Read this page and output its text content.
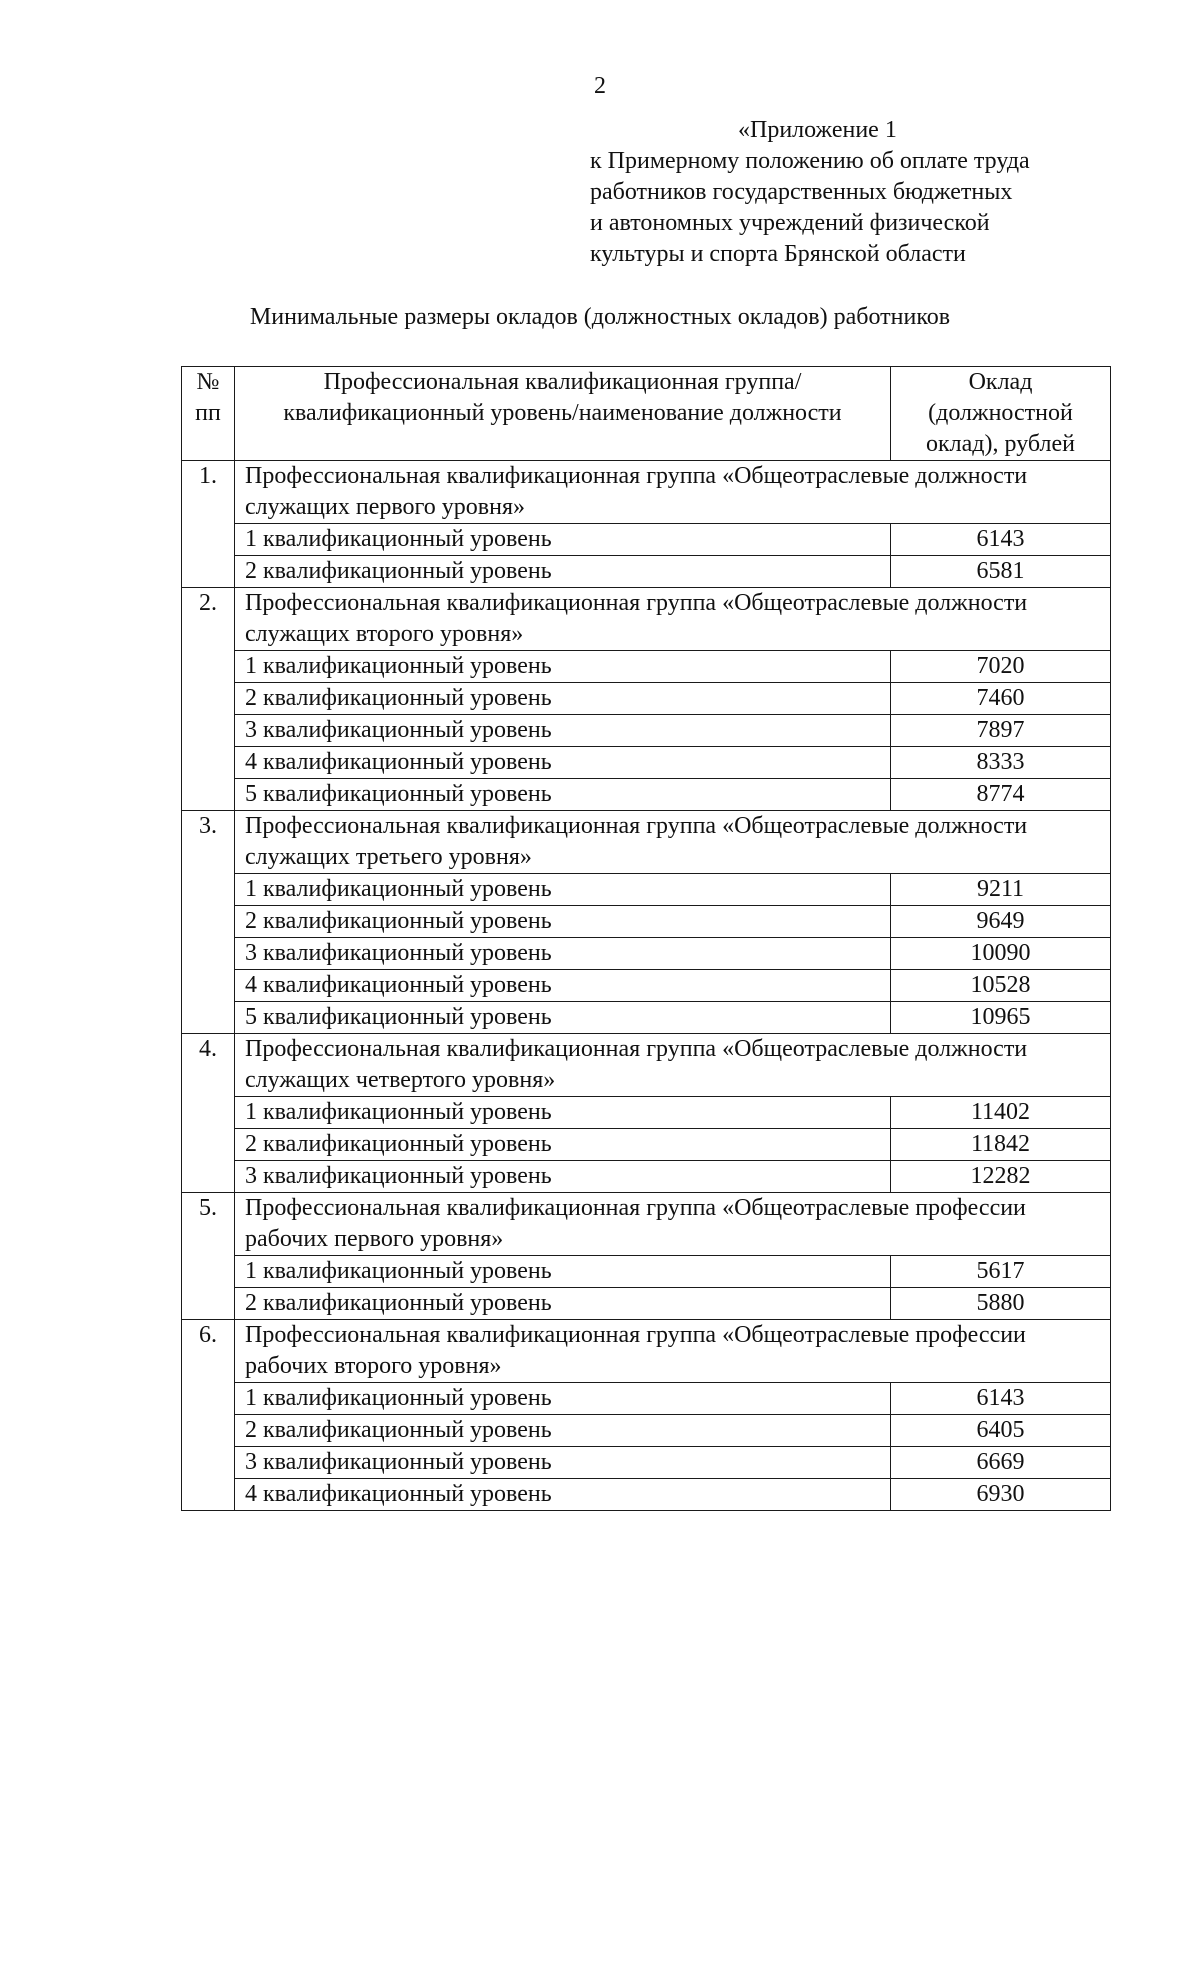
2
«Приложение 1
к Примерному положению об оплате труда
работников государственных бюджетных
и автономных учреждений физической
культуры и спорта Брянской области
Минимальные размеры окладов (должностных окладов) работников
№ пп	Профессиональная квалификационная группа/квалификационный уровень/наименование должности	Оклад (должностной оклад), рублей
1.	Профессиональная квалификационная группа «Общеотраслевые должности служащих первого уровня»	
	1 квалификационный уровень	6143
	2 квалификационный уровень	6581
2.	Профессиональная квалификационная группа «Общеотраслевые должности служащих второго уровня»	
	1 квалификационный уровень	7020
	2 квалификационный уровень	7460
	3 квалификационный уровень	7897
	4 квалификационный уровень	8333
	5 квалификационный уровень	8774
3.	Профессиональная квалификационная группа «Общеотраслевые должности служащих третьего уровня»	
	1 квалификационный уровень	9211
	2 квалификационный уровень	9649
	3 квалификационный уровень	10090
	4 квалификационный уровень	10528
	5 квалификационный уровень	10965
4.	Профессиональная квалификационная группа «Общеотраслевые должности служащих четвертого уровня»	
	1 квалификационный уровень	11402
	2 квалификационный уровень	11842
	3 квалификационный уровень	12282
5.	Профессиональная квалификационная группа «Общеотраслевые профессии рабочих первого уровня»	
	1 квалификационный уровень	5617
	2 квалификационный уровень	5880
6.	Профессиональная квалификационная группа «Общеотраслевые профессии рабочих второго уровня»	
	1 квалификационный уровень	6143
	2 квалификационный уровень	6405
	3 квалификационный уровень	6669
	4 квалификационный уровень	6930
